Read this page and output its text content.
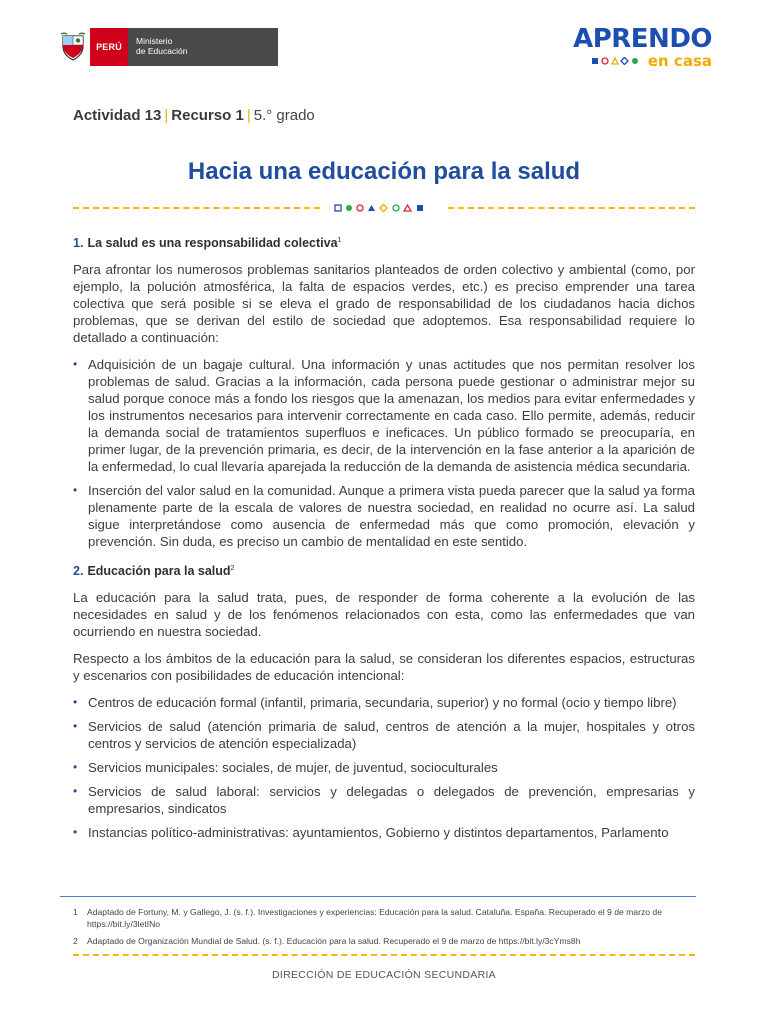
PERÚ
Ministerio
de Educación	APRENDO
en casa
Actividad 13 | Recurso 1 | 5.° grado
Hacia una educación para la salud
1. La salud es una responsabilidad colectiva$^1$
Para afrontar los numerosos problemas sanitarios planteados de orden colectivo y ambiental (como, por ejemplo, la polución atmosférica, la falta de espacios verdes, etc.) es preciso emprender una tarea colectiva que será posible si se eleva el grado de responsabilidad de los ciudadanos hacia dichos problemas, que se derivan del estilo de sociedad que adoptemos. Esa responsabilidad requiere lo detallado a continuación:
• Adquisición de un bagaje cultural. Una información y unas actitudes que nos permitan resolver los problemas de salud. Gracias a la información, cada persona puede gestionar o administrar mejor su salud porque conoce más a fondo los riesgos que la amenazan, los medios para evitar enfermedades y los instrumentos necesarios para intervenir correctamente en cada caso. Ello permite, además, reducir la demanda social de tratamientos superfluos e ineficaces. Un público formado se preocuparía, en primer lugar, de la prevención primaria, es decir, de la intervención en la fase anterior a la aparición de la enfermedad, lo cual llevaría aparejada la reducción de la demanda de asistencia médica secundaria.
• Inserción del valor salud en la comunidad. Aunque a primera vista pueda parecer que la salud ya forma plenamente parte de la escala de valores de nuestra sociedad, en realidad no ocurre así. La salud sigue interpretándose como ausencia de enfermedad más que como promoción, elevación y prevención. Sin duda, es preciso un cambio de mentalidad en este sentido.
2. Educación para la salud$^2$
La educación para la salud trata, pues, de responder de forma coherente a la evolución de las necesidades en salud y de los fenómenos relacionados con esta, como las enfermedades que van ocurriendo en nuestra sociedad.
Respecto a los ámbitos de la educación para la salud, se consideran los diferentes espacios, estructuras y escenarios con posibilidades de educación intencional:
• Centros de educación formal (infantil, primaria, secundaria, superior) y no formal (ocio y tiempo libre)
• Servicios de salud (atención primaria de salud, centros de atención a la mujer, hospitales y otros centros y servicios de atención especializada)
• Servicios municipales: sociales, de mujer, de juventud, socioculturales
• Servicios de salud laboral: servicios y delegadas o delegados de prevención, empresarias y empresarios, sindicatos
• Instancias político-administrativas: ayuntamientos, Gobierno y distintos departamentos, Parlamento
1	Adaptado de Fortuny, M. y Gallego, J. (s. f.). Investigaciones y experiencias: Educación para la salud. Cataluña. España. Recuperado el 9 de marzo de https://bit.ly/3letINo
2	Adaptado de Organización Mundial de Salud. (s. f.). Educación para la salud. Recuperado el 9 de marzo de https://bit.ly/3cYms8h
DIRECCIÓN DE EDUCACIÓN SECUNDARIA
